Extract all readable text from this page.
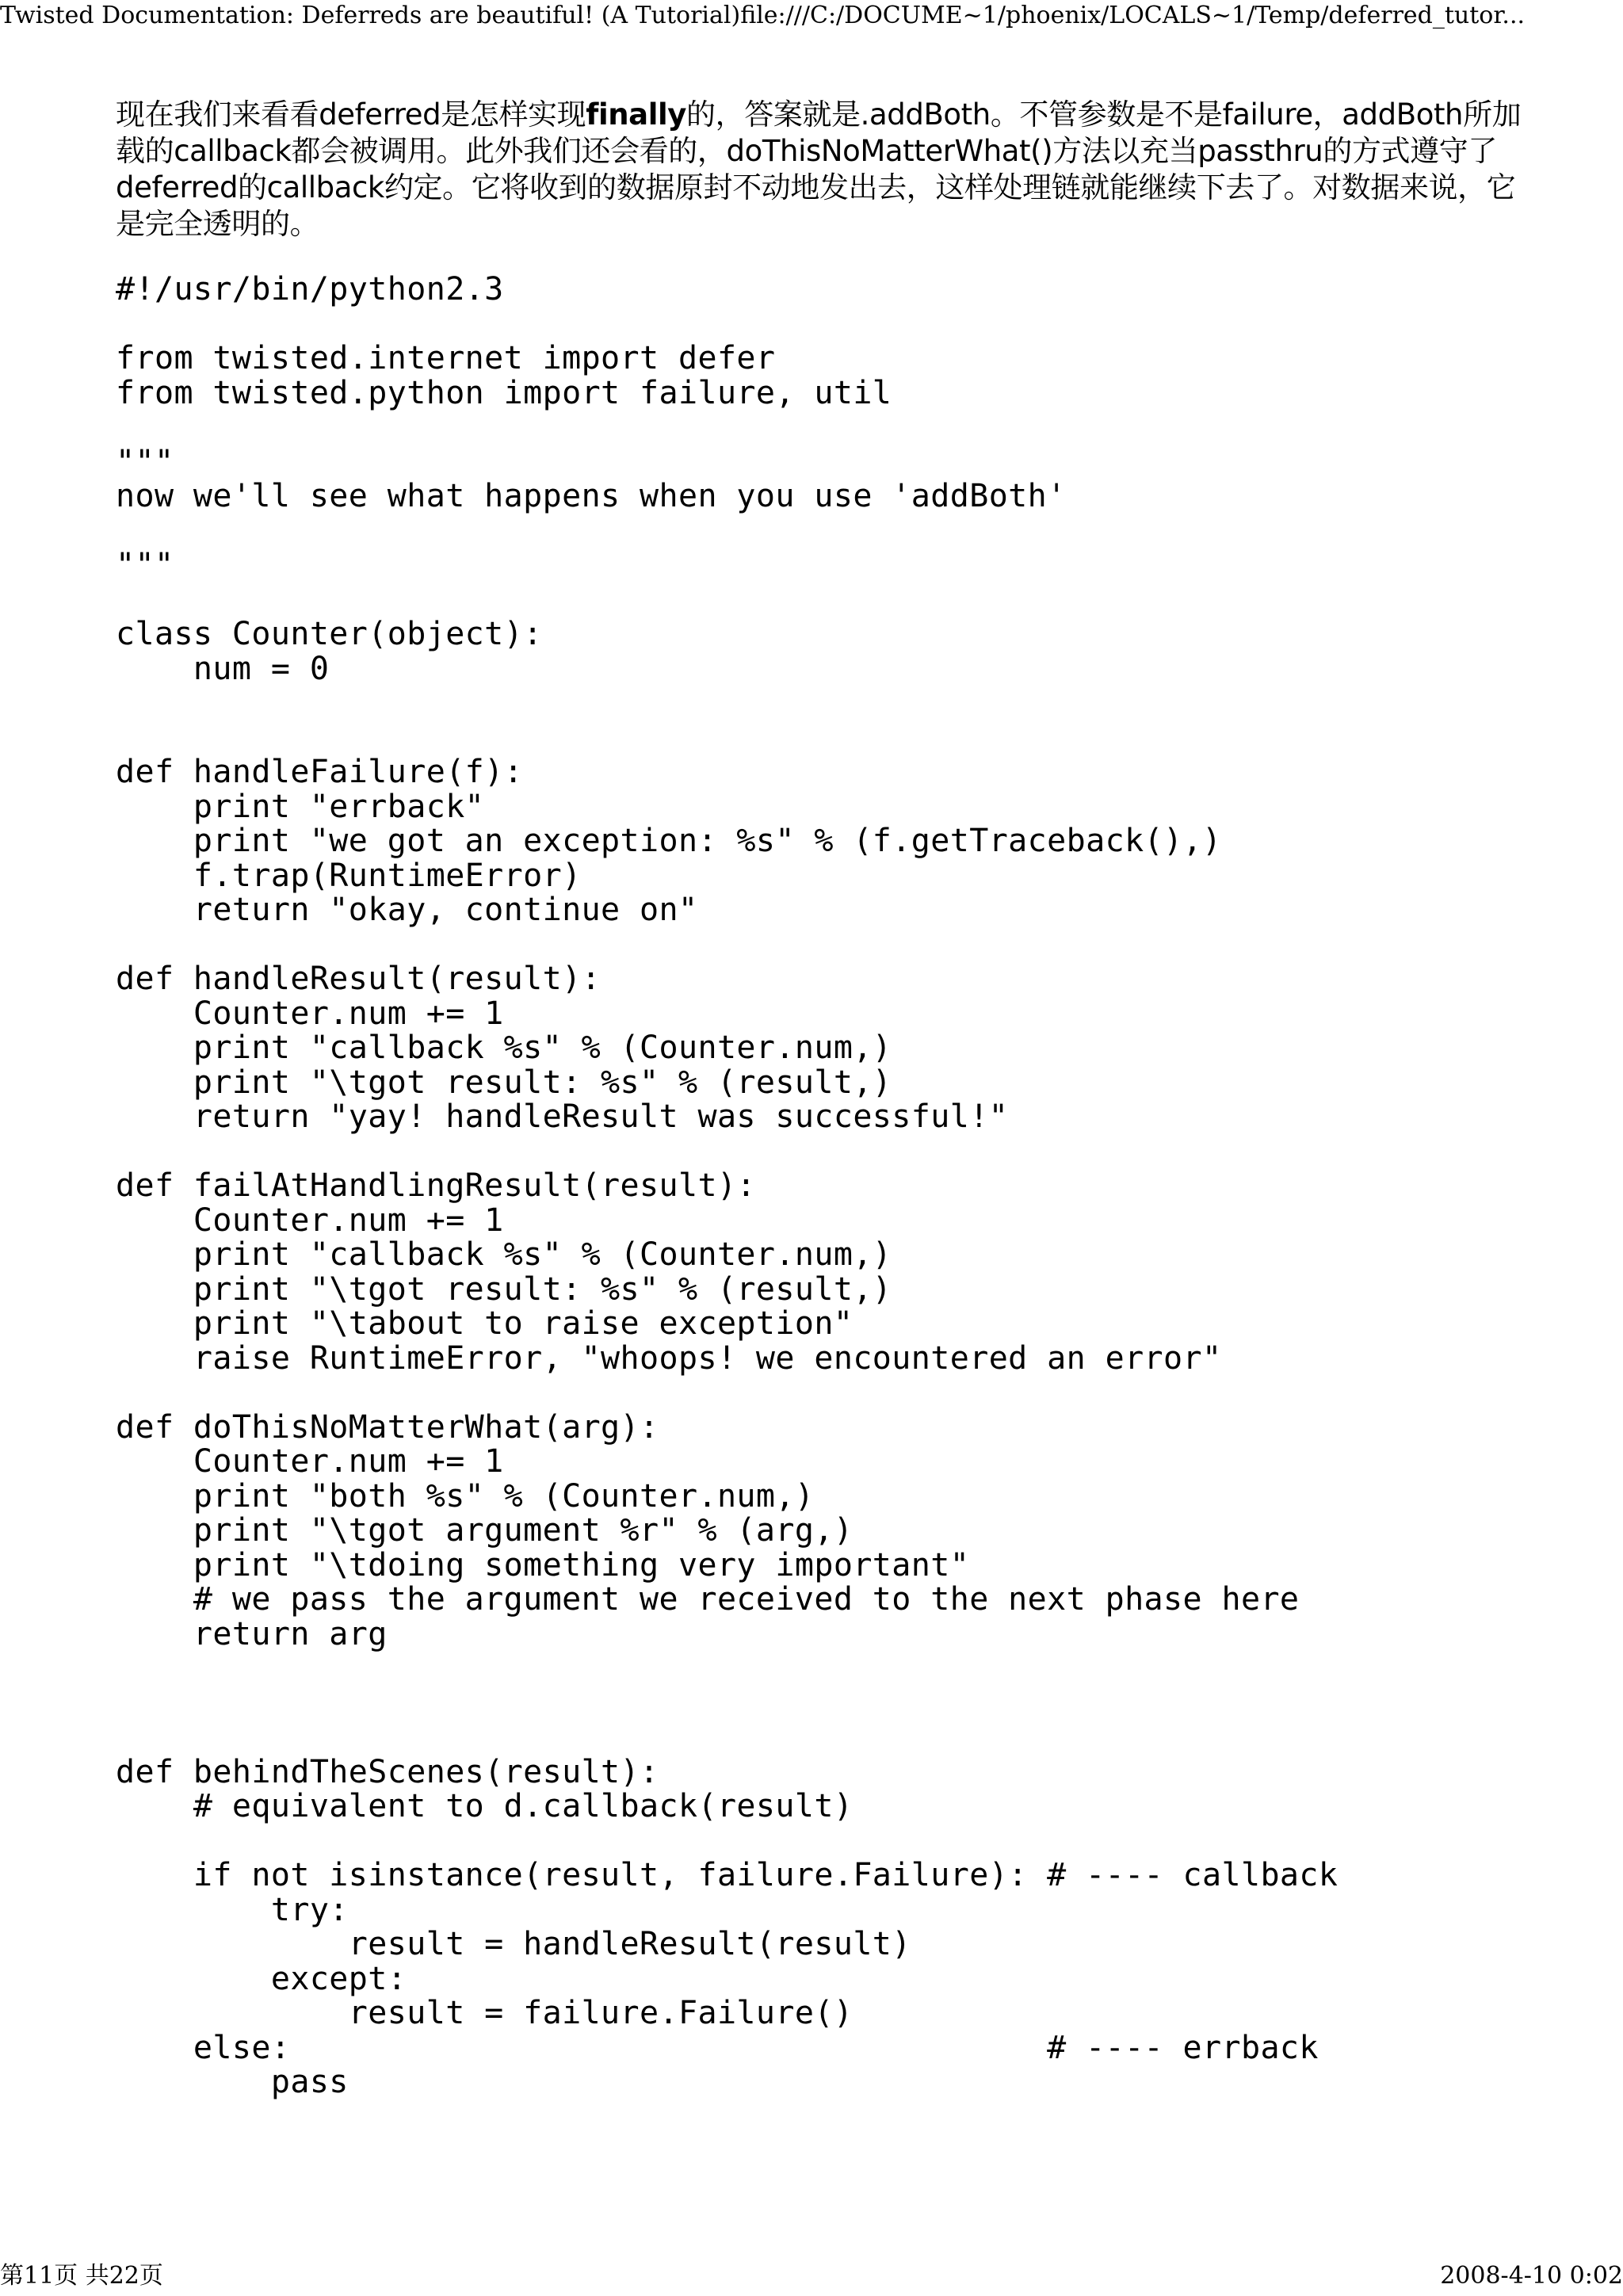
Twisted Documentation: Deferreds are beautiful! (A Tutorial)file:///C:/DOCUME~1/phoenix/LOCALS~1/Temp/deferred_tutor...

现在我们来看看deferred是怎样实现finally的，答案就是.addBoth。不管参数是不是failure，addBoth所加载的callback都会被调用。此外我们还会看的，doThisNoMatterWhat()方法以充当passthru的方式遵守了deferred的callback约定。它将收到的数据原封不动地发出去，这样处理链就能继续下去了。对数据来说，它是完全透明的。

#!/usr/bin/python2.3

from twisted.internet import defer
from twisted.python import failure, util

"""
now we'll see what happens when you use 'addBoth'

"""

class Counter(object):
num = 0

def handleFailure(f):
print "errback"
print "we got an exception: %s" % (f.getTraceback(),)
f.trap(RuntimeError)
return "okay, continue on"

def handleResult(result):
Counter.num += 1
print "callback %s" % (Counter.num,)
print "\tgot result: %s" % (result,)
return "yay! handleResult was successful!"

def failAtHandlingResult(result):
Counter.num += 1
print "callback %s" % (Counter.num,)
print "\tgot result: %s" % (result,)
print "\tabout to raise exception"
raise RuntimeError, "whoops! we encountered an error"

def doThisNoMatterWhat(arg):
Counter.num += 1
print "both %s" % (Counter.num,)
print "\tgot argument %r" % (arg,)
print "\tdoing something very important"
# we pass the argument we received to the next phase here
return arg

def behindTheScenes(result):
# equivalent to d.callback(result)

if not isinstance(result, failure.Failure): # ---- callback
try:
result = handleResult(result)
except:
result = failure.Failure()
else:                                       # ---- errback
pass
第11页 共22页	2008-4-10 0:02
